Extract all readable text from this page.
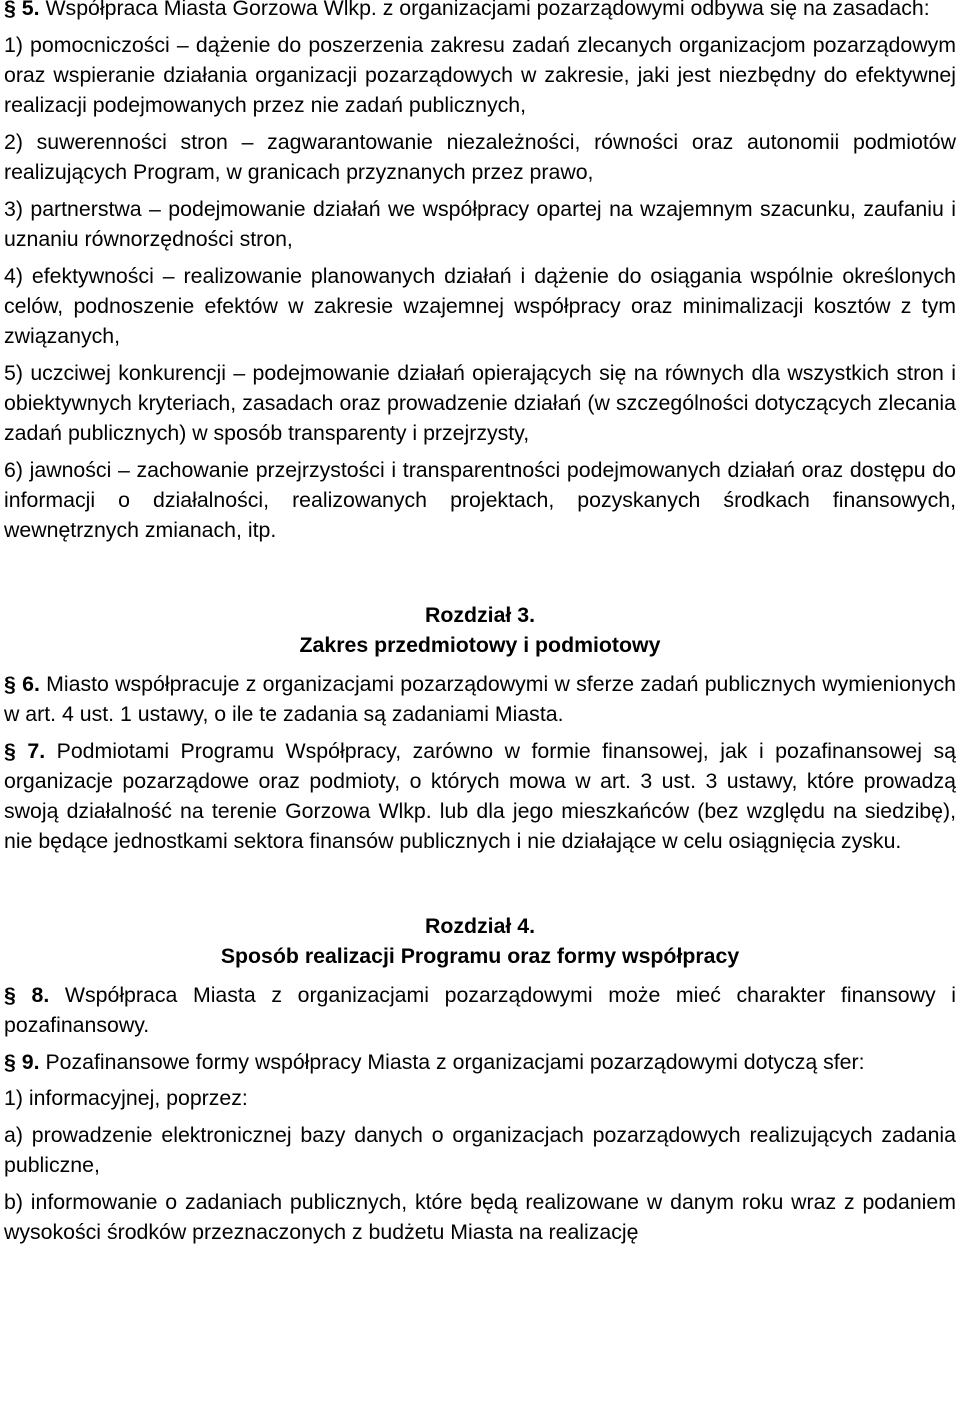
§ 5. Współpraca Miasta Gorzowa Wlkp. z organizacjami pozarządowymi odbywa się na zasadach:

1) pomocniczości – dążenie do poszerzenia zakresu zadań zlecanych organizacjom pozarządowym oraz wspieranie działania organizacji pozarządowych w zakresie, jaki jest niezbędny do efektywnej realizacji podejmowanych przez nie zadań publicznych,

2) suwerenności stron – zagwarantowanie niezależności, równości oraz autonomii podmiotów realizujących Program, w granicach przyznanych przez prawo,

3) partnerstwa – podejmowanie działań we współpracy opartej na wzajemnym szacunku, zaufaniu i uznaniu równorzędności stron,

4) efektywności – realizowanie planowanych działań i dążenie do osiągania wspólnie określonych celów, podnoszenie efektów w zakresie wzajemnej współpracy oraz minimalizacji kosztów z tym związanych,

5) uczciwej konkurencji – podejmowanie działań opierających się na równych dla wszystkich stron i obiektywnych kryteriach, zasadach oraz prowadzenie działań (w szczególności dotyczących zlecania zadań publicznych) w sposób transparenty i przejrzysty,

6) jawności – zachowanie przejrzystości i transparentności podejmowanych działań oraz dostępu do informacji o działalności, realizowanych projektach, pozyskanych środkach finansowych, wewnętrznych zmianach, itp.

Rozdział 3.

Zakres przedmiotowy i podmiotowy

§ 6. Miasto współpracuje z organizacjami pozarządowymi w sferze zadań publicznych wymienionych w art. 4 ust. 1 ustawy, o ile te zadania są zadaniami Miasta.

§ 7. Podmiotami Programu Współpracy, zarówno w formie finansowej, jak i pozafinansowej są organizacje pozarządowe oraz podmioty, o których mowa w art. 3 ust. 3 ustawy, które prowadzą swoją działalność na terenie Gorzowa Wlkp. lub dla jego mieszkańców (bez względu na siedzibę), nie będące jednostkami sektora finansów publicznych i nie działające w celu osiągnięcia zysku.

Rozdział 4.

Sposób realizacji Programu oraz formy współpracy

§ 8. Współpraca Miasta z organizacjami pozarządowymi może mieć charakter finansowy i pozafinansowy.

§ 9. Pozafinansowe formy współpracy Miasta z organizacjami pozarządowymi dotyczą sfer:

1) informacyjnej, poprzez:

a) prowadzenie elektronicznej bazy danych o organizacjach pozarządowych realizujących zadania publiczne,

b) informowanie o zadaniach publicznych, które będą realizowane w danym roku wraz z podaniem wysokości środków przeznaczonych z budżetu Miasta na realizację
